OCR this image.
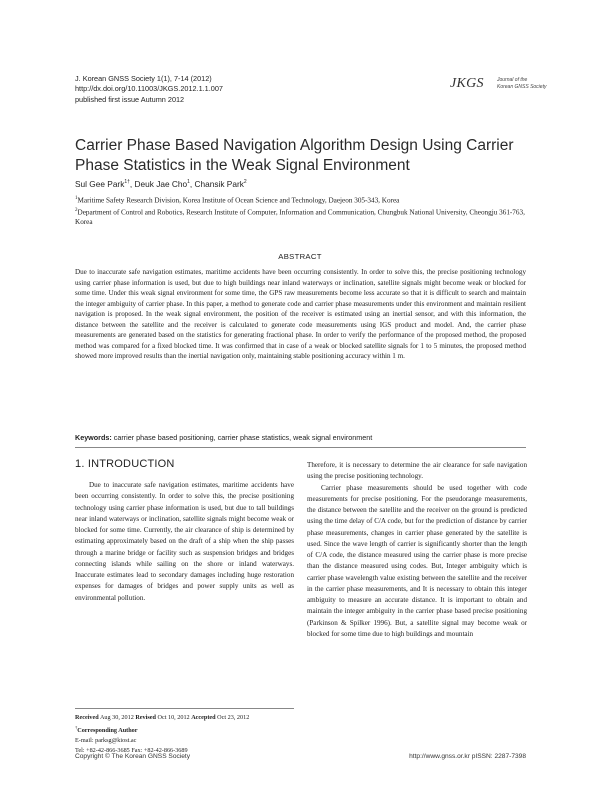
J. Korean GNSS Society 1(1), 7-14 (2012)
http://dx.doi.org/10.11003/JKGS.2012.1.1.007
published first issue Autumn 2012
JKGS	Journal of the
Korean GNSS Society
Carrier Phase Based Navigation Algorithm Design Using Carrier Phase Statistics in the Weak Signal Environment
Sul Gee Park$^{1\dagger}$, Deuk Jae Cho$^1$, Chansik Park$^2$
$^1$Maritime Safety Research Division, Korea Institute of Ocean Science and Technology, Daejeon 305-343, Korea
$^2$Department of Control and Robotics, Research Institute of Computer, Information and Communication, Chungbuk National University, Cheongju 361-763, Korea
ABSTRACT
Due to inaccurate safe navigation estimates, maritime accidents have been occurring consistently. In order to solve this, the precise positioning technology using carrier phase information is used, but due to high buildings near inland waterways or inclination, satellite signals might become weak or blocked for some time. Under this weak signal environment for some time, the GPS raw measurements become less accurate so that it is difficult to search and maintain the integer ambiguity of carrier phase. In this paper, a method to generate code and carrier phase measurements under this environment and maintain resilient navigation is proposed. In the weak signal environment, the position of the receiver is estimated using an inertial sensor, and with this information, the distance between the satellite and the receiver is calculated to generate code measurements using IGS product and model. And, the carrier phase measurements are generated based on the statistics for generating fractional phase. In order to verify the performance of the proposed method, the proposed method was compared for a fixed blocked time. It was confirmed that in case of a weak or blocked satellite signals for 1 to 5 minutes, the proposed method showed more improved results than the inertial navigation only, maintaining stable positioning accuracy within 1 m.
Keywords: carrier phase based positioning, carrier phase statistics, weak signal environment
1. INTRODUCTION

Due to inaccurate safe navigation estimates, maritime accidents have been occurring consistently. In order to solve this, the precise positioning technology using carrier phase information is used, but due to tall buildings near inland waterways or inclination, satellite signals might become weak or blocked for some time. Currently, the air clearance of ship is determined by estimating approximately based on the draft of a ship when the ship passes through a marine bridge or facility such as suspension bridges and bridges connecting islands while sailing on the shore or inland waterways. Inaccurate estimates lead to secondary damages including huge restoration expenses for damages of bridges and power supply units as well as environmental pollution.

Therefore, it is necessary to determine the air clearance for safe navigation using the precise positioning technology.

Carrier phase measurements should be used together with code measurements for precise positioning. For the pseudorange measurements, the distance between the satellite and the receiver on the ground is predicted using the time delay of C/A code, but for the prediction of distance by carrier phase measurements, changes in carrier phase generated by the satellite is used. Since the wave length of carrier is significantly shorter than the length of C/A code, the distance measured using the carrier phase is more precise than the distance measured using codes. But, Integer ambiguity which is carrier phase wavelength value existing between the satellite and the receiver in the carrier phase measurements, and It is necessary to obtain this integer ambiguity to measure an accurate distance. It is important to obtain and maintain the integer ambiguity in the carrier phase based precise positioning (Parkinson & Spilker 1996). But, a satellite signal may become weak or blocked for some time due to high buildings and mountain

Received Aug 30, 2012 Revised Oct 10, 2012 Accepted Oct 23, 2012
†Corresponding Author
E-mail: parksg@kiost.ac
Tel: +82-42-866-3685 Fax: +82-42-866-3689
Copyright © The Korean GNSS Society	http://www.gnss.or.kr pISSN: 2287-7398
